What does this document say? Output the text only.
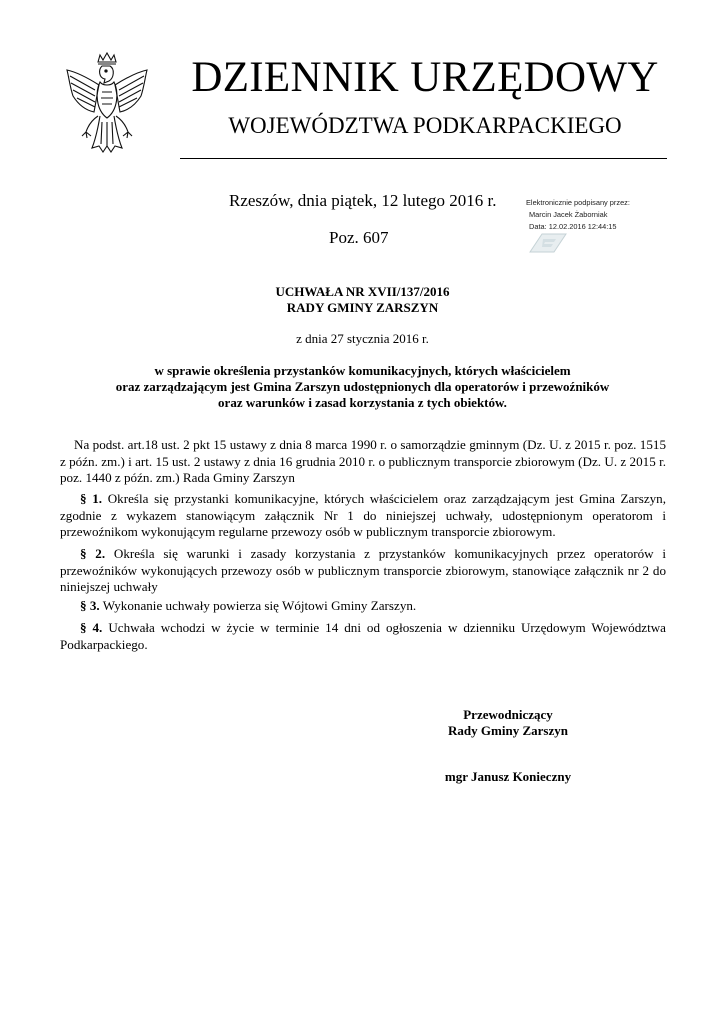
DZIENNIK URZĘDOWY
WOJEWÓDZTWA PODKARPACKIEGO
Rzeszów, dnia piątek, 12 lutego 2016 r.
Poz. 607
Elektronicznie podpisany przez:
Marcin Jacek Żaborniak
Data: 12.02.2016 12:44:15
UCHWAŁA NR XVII/137/2016
RADY GMINY ZARSZYN
z dnia 27 stycznia 2016 r.
w sprawie określenia przystanków komunikacyjnych, których właścicielem
oraz zarządzającym jest Gmina Zarszyn udostępnionych dla operatorów i przewoźników
oraz warunków i zasad korzystania z tych obiektów.

Na podst. art.18 ust. 2 pkt 15 ustawy z dnia 8 marca 1990 r. o samorządzie gminnym (Dz. U. z 2015 r. poz. 1515 z późn. zm.) i art. 15 ust. 2 ustawy z dnia 16 grudnia 2010 r. o publicznym transporcie zbiorowym (Dz. U. z 2015 r. poz. 1440 z późn. zm.) Rada Gminy Zarszyn

§ 1. Określa się przystanki komunikacyjne, których właścicielem oraz zarządzającym jest Gmina Zarszyn, zgodnie z wykazem stanowiącym załącznik Nr 1 do niniejszej uchwały, udostępnionym operatorom i przewoźnikom wykonującym regularne przewozy osób w publicznym transporcie zbiorowym.

§ 2. Określa się warunki i zasady korzystania z przystanków komunikacyjnych przez operatorów i przewoźników wykonujących przewozy osób w publicznym transporcie zbiorowym, stanowiące załącznik nr 2 do niniejszej uchwały

§ 3. Wykonanie uchwały powierza się Wójtowi Gminy Zarszyn.

§ 4. Uchwała wchodzi w życie w terminie 14 dni od ogłoszenia w dzienniku Urzędowym Województwa Podkarpackiego.

Przewodniczący
Rady Gminy Zarszyn
mgr Janusz Konieczny
